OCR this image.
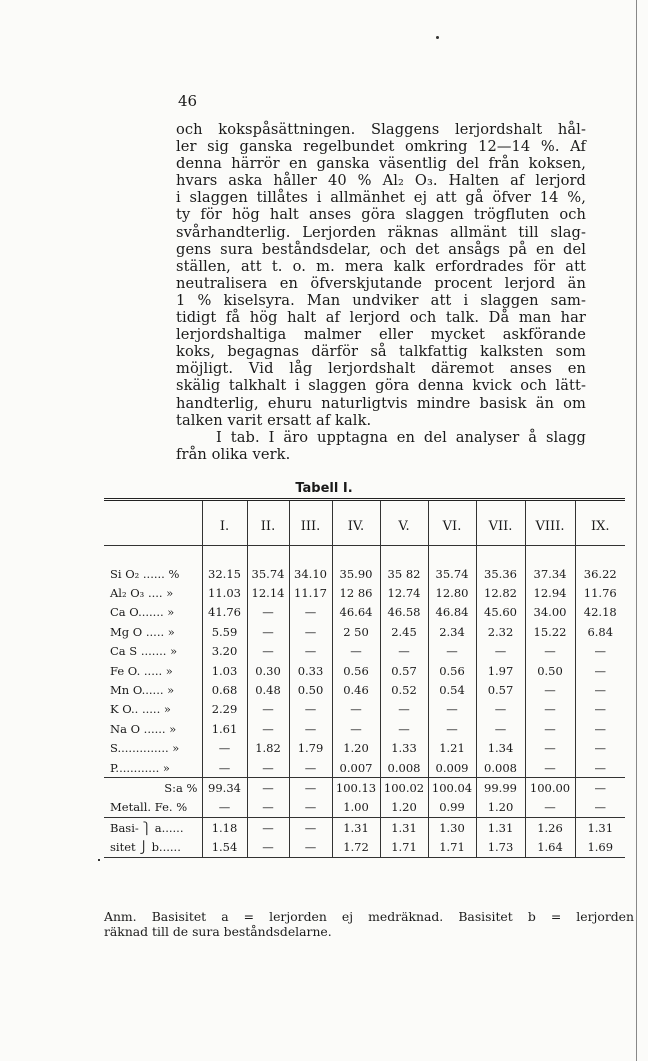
46
och kokspåsättningen. Slaggens lerjordshalt hål-
ler sig ganska regelbundet omkring 12—14 %. Af
denna härrör en ganska väsentlig del från koksen,
hvars aska håller 40 % Al₂ O₃. Halten af lerjord
i slaggen tillåtes i allmänhet ej att gå öfver 14 %,
ty för hög halt anses göra slaggen trögfluten och
svårhandterlig. Lerjorden räknas allmänt till slag-
gens sura beståndsdelar, och det ansågs på en del
ställen, att t. o. m. mera kalk erfordrades för att
neutralisera en öfverskjutande procent lerjord än
1 % kiselsyra. Man undviker att i slaggen sam-
tidigt få hög halt af lerjord och talk. Då man har
lerjordshaltiga malmer eller mycket askförande
koks, begagnas därför så talkfattig kalksten som
möjligt. Vid låg lerjordshalt däremot anses en
skälig talkhalt i slaggen göra denna kvick och lätt-
handterlig, ehuru naturligtvis mindre basisk än om
talken varit ersatt af kalk.
I tab. I äro upptagna en del analyser å slagg
från olika verk.
Tabell I.

	I.	II.	III.	IV.	V.	VI.	VII.	VIII.	IX.

Si O₂ ...... %	32.15	35.74	34.10	35.90	35 82	35.74	35.36	37.34	36.22
Al₂ O₃ .... »	11.03	12.14	11.17	12 86	12.74	12.80	12.82	12.94	11.76
Ca O....... »	41.76	—	—	46.64	46.58	46.84	45.60	34.00	42.18
Mg O ..... »	5.59	—	—	2 50	2.45	2.34	2.32	15.22	6.84
Ca S ....... »	3.20	—	—	—	—	—	—	—	—
Fe O. ..... »	1.03	0.30	0.33	0.56	0.57	0.56	1.97	0.50	—
Mn O...... »	0.68	0.48	0.50	0.46	0.52	0.54	0.57	—	—
K O.. ..... »	2.29	—	—	—	—	—	—	—	—
Na O ...... »	1.61	—	—	—	—	—	—	—	—
S.............. »	—	1.82	1.79	1.20	1.33	1.21	1.34	—	—
P............ »	—	—	—	0.007	0.008	0.009	0.008	—	—
S:a %	99.34	—	—	100.13	100.02	100.04	99.99	100.00	—
Metall. Fe. %	—	—	—	1.00	1.20	0.99	1.20	—	—
Basi- ⎫ a......	1.18	—	—	1.31	1.31	1.30	1.31	1.26	1.31
sitet ⎭ b......	1.54	—	—	1.72	1.71	1.71	1.73	1.64	1.69
Anm. Basisitet a = lerjorden ej medräknad. Basisitet b = lerjorden
räknad till de sura beståndsdelarne.
